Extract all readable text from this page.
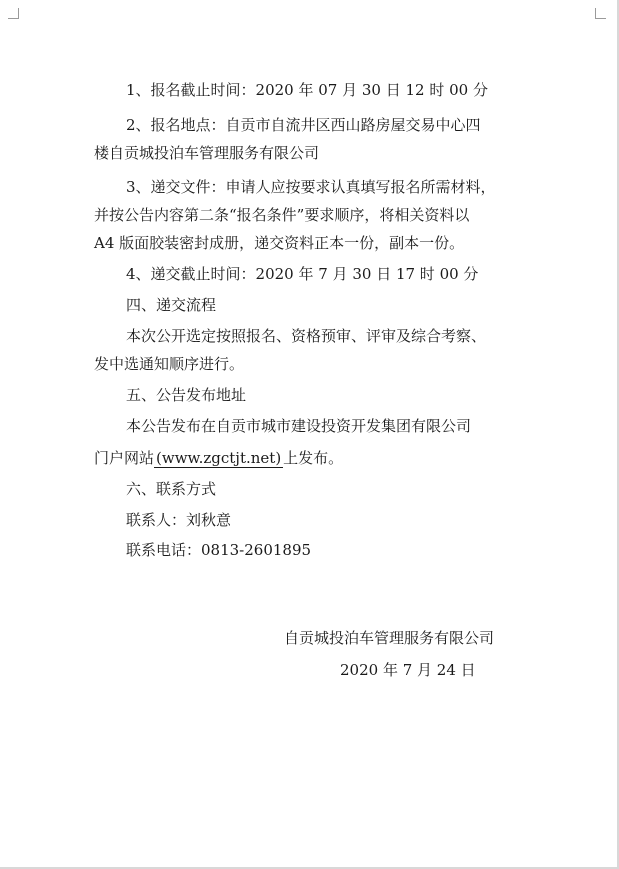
1、报名截止时间：2020 年 07 月 30 日 12 时 00 分
2、报名地点：自贡市自流井区西山路房屋交易中心四
楼自贡城投泊车管理服务有限公司
3、递交文件：申请人应按要求认真填写报名所需材料，
并按公告内容第二条“报名条件”要求顺序，将相关资料以
A4 版面胶装密封成册，递交资料正本一份，副本一份。
4、递交截止时间：2020 年 7 月 30 日 17 时 00 分
四、递交流程
本次公开选定按照报名、资格预审、评审及综合考察、
发中选通知顺序进行。
五、公告发布地址
本公告发布在自贡市城市建设投资开发集团有限公司
门户网站 (www.zgctjt.net) 上发布。
六、联系方式
联系人：刘秋意
联系电话：0813-2601895
自贡城投泊车管理服务有限公司
2020 年 7 月 24 日
